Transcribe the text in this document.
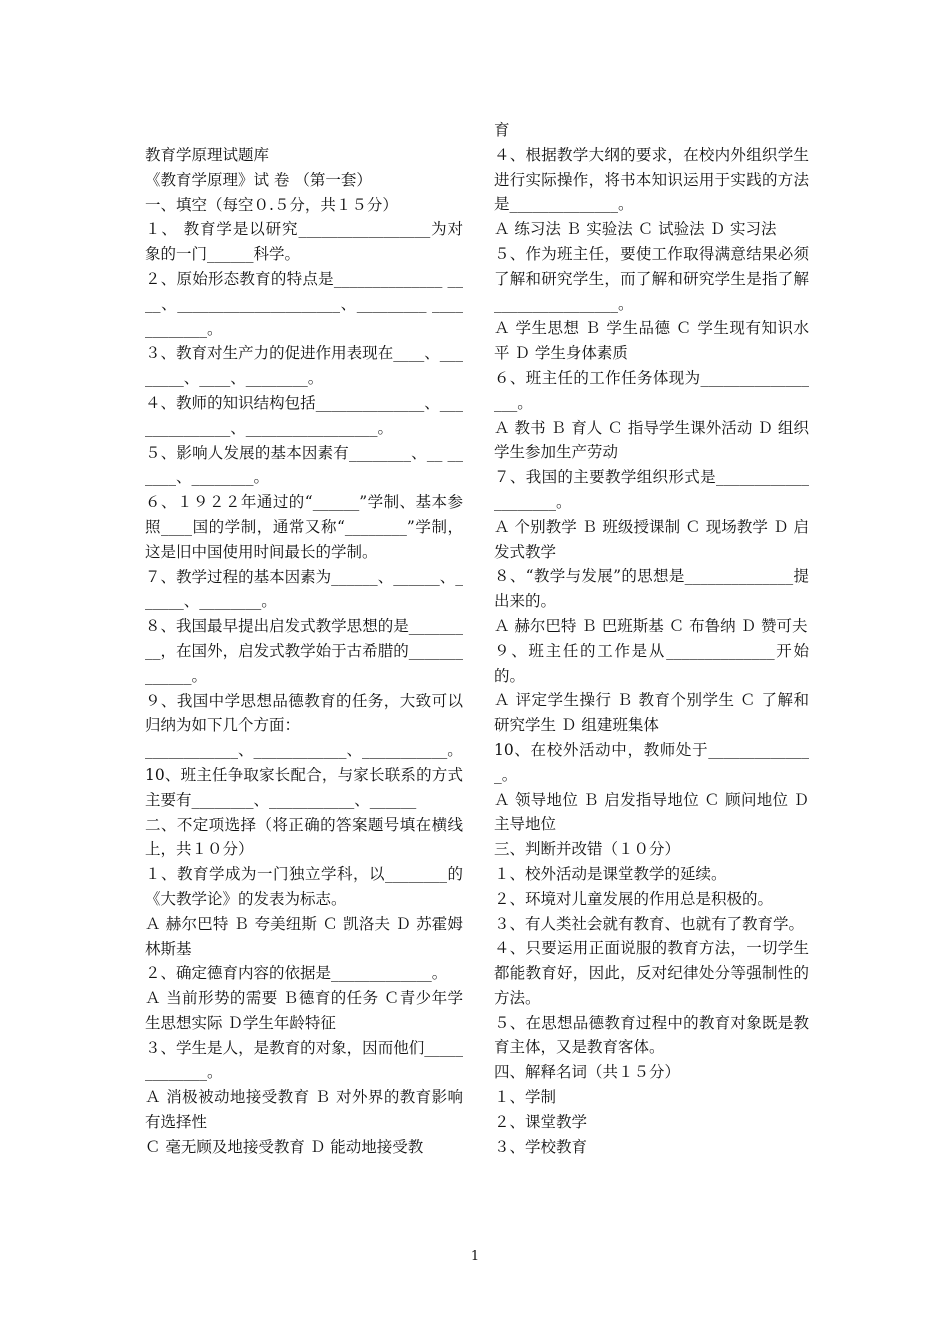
教育学原理试题库
《教育学原理》试 卷 （第一套）
一、填空（每空０.５分，共１５分）
１、 教育学是以研究_________________为对象的一门______科学。
２、原始形态教育的特点是______________ ____、_____________________、_________ ____________。
３、教育对生产力的促进作用表现在____、________、____、________。
４、教师的知识结构包括______________、______________、_________________。
５、影响人发展的基本因素有________、__ ______、________。
６、１９２２年通过的“______”学制、基本参照____国的学制，通常又称“________”学制，这是旧中国使用时间最长的学制。
７、教学过程的基本因素为______、______、______、________。
８、我国最早提出启发式教学思想的是_________，在国外，启发式教学始于古希腊的_____________。
９、我国中学思想品德教育的任务，大致可以归纳为如下几个方面：
____________、____________、___________。
10、班主任争取家长配合，与家长联系的方式主要有________、___________、______
二、不定项选择（将正确的答案题号填在横线上，共１０分）
１、教育学成为一门独立学科，以________的《大教学论》的发表为标志。
Ａ 赫尔巴特 Ｂ 夸美纽斯 Ｃ 凯洛夫 Ｄ 苏霍姆林斯基
２、确定德育内容的依据是_____________。
Ａ 当前形势的需要 Ｂ德育的任务 Ｃ青少年学生思想实际 Ｄ学生年龄特征
３、学生是人，是教育的对象，因而他们_____________。
Ａ 消极被动地接受教育 Ｂ 对外界的教育影响有选择性
Ｃ 毫无顾及地接受教育 Ｄ 能动地接受教
育
４、根据教学大纲的要求，在校内外组织学生进行实际操作，将书本知识运用于实践的方法是______________。
Ａ 练习法 Ｂ 实验法 Ｃ 试验法 Ｄ 实习法
５、作为班主任，要使工作取得满意结果必须了解和研究学生，而了解和研究学生是指了解________________。
Ａ 学生思想 Ｂ 学生品德 Ｃ 学生现有知识水平 Ｄ 学生身体素质
６、班主任的工作任务体现为_________________。
Ａ 教书 Ｂ 育人 Ｃ 指导学生课外活动 Ｄ 组织学生参加生产劳动
７、我国的主要教学组织形式是____________________。
Ａ 个别教学 Ｂ 班级授课制 Ｃ 现场教学 Ｄ 启发式教学
８、“教学与发展”的思想是______________提出来的。
Ａ 赫尔巴特 Ｂ 巴班斯基 Ｃ 布鲁纳 Ｄ 赞可夫
９、班主任的工作是从______________开始的。
Ａ 评定学生操行 Ｂ 教育个别学生 Ｃ 了解和研究学生 Ｄ 组建班集体
10、在校外活动中，教师处于______________。
Ａ 领导地位 Ｂ 启发指导地位 Ｃ 顾问地位 Ｄ 主导地位
三、判断并改错（１０分）
１、校外活动是课堂教学的延续。
２、环境对儿童发展的作用总是积极的。
３、有人类社会就有教育、也就有了教育学。
４、只要运用正面说服的教育方法，一切学生都能教育好，因此，反对纪律处分等强制性的方法。
５、在思想品德教育过程中的教育对象既是教育主体，又是教育客体。
四、解释名词（共１５分）
１、学制
２、课堂教学
３、学校教育
1
